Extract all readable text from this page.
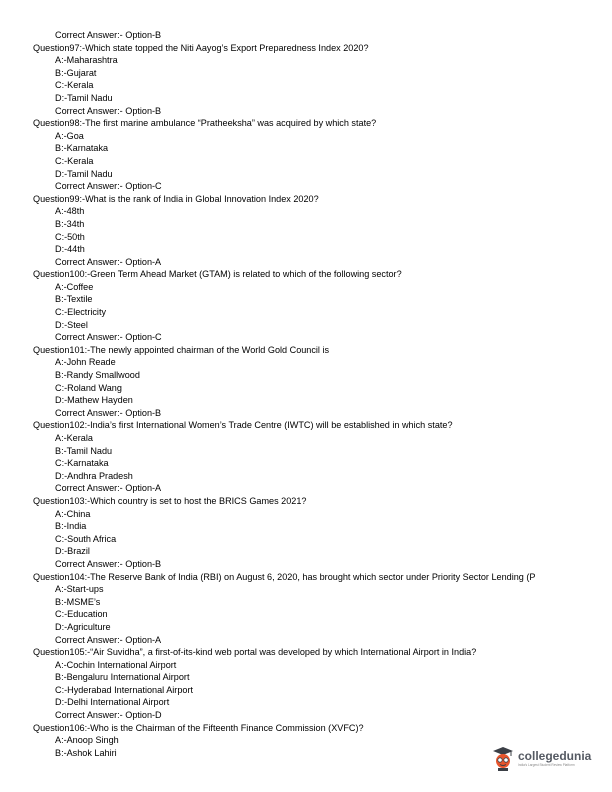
Correct Answer:- Option-B
Question97:-Which state topped the Niti Aayog’s Export Preparedness Index 2020?
A:-Maharashtra
B:-Gujarat
C:-Kerala
D:-Tamil Nadu
Correct Answer:- Option-B
Question98:-The first marine ambulance “Pratheeksha” was acquired by which state?
A:-Goa
B:-Karnataka
C:-Kerala
D:-Tamil Nadu
Correct Answer:- Option-C
Question99:-What is the rank of India in Global Innovation Index 2020?
A:-48th
B:-34th
C:-50th
D:-44th
Correct Answer:- Option-A
Question100:-Green Term Ahead Market (GTAM) is related to which of the following sector?
A:-Coffee
B:-Textile
C:-Electricity
D:-Steel
Correct Answer:- Option-C
Question101:-The newly appointed chairman of the World Gold Council is
A:-John Reade
B:-Randy Smallwood
C:-Roland Wang
D:-Mathew Hayden
Correct Answer:- Option-B
Question102:-India’s first International Women’s Trade Centre (IWTC) will be established in which state?
A:-Kerala
B:-Tamil Nadu
C:-Karnataka
D:-Andhra Pradesh
Correct Answer:- Option-A
Question103:-Which country is set to host the BRICS Games 2021?
A:-China
B:-India
C:-South Africa
D:-Brazil
Correct Answer:- Option-B
Question104:-The Reserve Bank of India (RBI) on August 6, 2020, has brought which sector under Priority Sector Lending (P
A:-Start-ups
B:-MSME’s
C:-Education
D:-Agriculture
Correct Answer:- Option-A
Question105:-“Air Suvidha”, a first-of-its-kind web portal was developed by which International Airport in India?
A:-Cochin International Airport
B:-Bengaluru International Airport
C:-Hyderabad International Airport
D:-Delhi International Airport
Correct Answer:- Option-D
Question106:-Who is the Chairman of the Fifteenth Finance Commission (XVFC)?
A:-Anoop Singh
B:-Ashok Lahiri	collegedunia
India's Largest Student Review Platform
